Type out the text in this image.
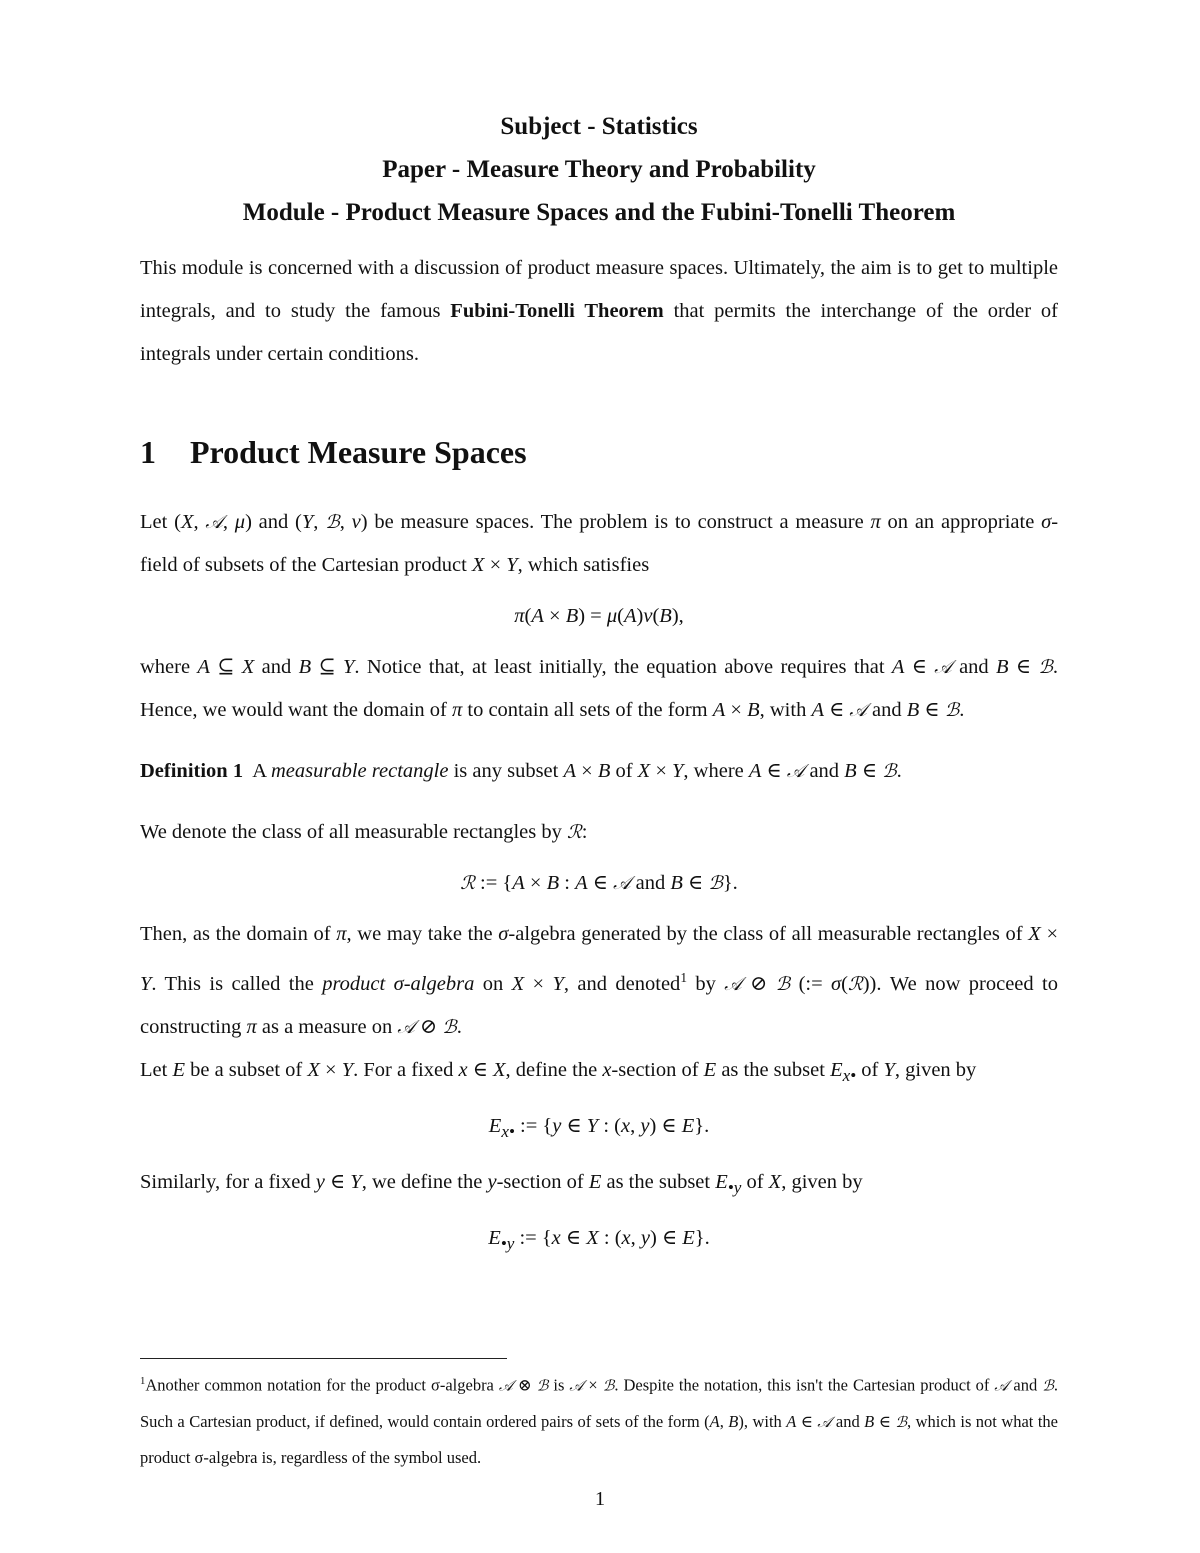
Subject - Statistics
Paper - Measure Theory and Probability
Module - Product Measure Spaces and the Fubini-Tonelli Theorem
This module is concerned with a discussion of product measure spaces. Ultimately, the aim is to get to multiple integrals, and to study the famous Fubini-Tonelli Theorem that permits the interchange of the order of integrals under certain conditions.
1 Product Measure Spaces
Let (X, 𝒜, μ) and (Y, ℬ, ν) be measure spaces. The problem is to construct a measure π on an appropriate σ-field of subsets of the Cartesian product X × Y, which satisfies
π(A × B) = μ(A)ν(B),
where A ⊆ X and B ⊆ Y. Notice that, at least initially, the equation above requires that A ∈ 𝒜 and B ∈ ℬ. Hence, we would want the domain of π to contain all sets of the form A × B, with A ∈ 𝒜 and B ∈ ℬ.
Definition 1  A measurable rectangle is any subset A × B of X × Y, where A ∈ 𝒜 and B ∈ ℬ.
We denote the class of all measurable rectangles by ℛ:
ℛ := {A × B : A ∈ 𝒜 and B ∈ ℬ}.
Then, as the domain of π, we may take the σ-algebra generated by the class of all measurable rectangles of X × Y. This is called the product σ-algebra on X × Y, and denoted$^1$ by 𝒜 ⊘ ℬ (:= σ(ℛ)). We now proceed to constructing π as a measure on 𝒜 ⊘ ℬ.
Let E be a subset of X × Y. For a fixed x ∈ X, define the x-section of E as the subset $E_{x•}$ of Y, given by
$E_{x•}$ := {y ∈ Y : (x, y) ∈ E}.
Similarly, for a fixed y ∈ Y, we define the y-section of E as the subset $E_{•y}$ of X, given by
$E_{•y}$ := {x ∈ X : (x, y) ∈ E}.
$^1$Another common notation for the product σ-algebra 𝒜 ⊗ ℬ is 𝒜 × ℬ. Despite the notation, this isn't the Cartesian product of 𝒜 and ℬ. Such a Cartesian product, if defined, would contain ordered pairs of sets of the form (A, B), with A ∈ 𝒜 and B ∈ ℬ, which is not what the product σ-algebra is, regardless of the symbol used.
1
